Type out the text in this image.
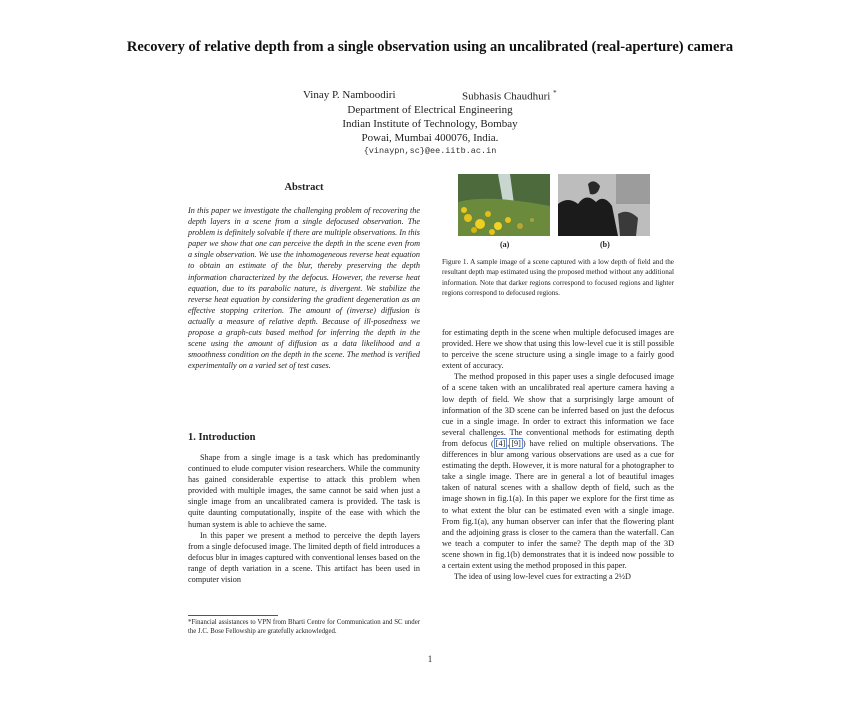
Recovery of relative depth from a single observation using an uncalibrated (real-aperture) camera
Vinay P. Namboodiri	Subhasis Chaudhuri *
Department of Electrical Engineering
Indian Institute of Technology, Bombay
Powai, Mumbai 400076, India.
{vinaypn,sc}@ee.iitb.ac.in
Abstract
In this paper we investigate the challenging problem of recovering the depth layers in a scene from a single defocused observation. The problem is definitely solvable if there are multiple observations. In this paper we show that one can perceive the depth in the scene even from a single observation. We use the inhomogeneous reverse heat equation to obtain an estimate of the blur, thereby preserving the depth information characterized by the defocus. However, the reverse heat equation, due to its parabolic nature, is divergent. We stabilize the reverse heat equation by considering the gradient degeneration as an effective stopping criterion. The amount of (inverse) diffusion is actually a measure of relative depth. Because of ill-posedness we propose a graph-cuts based method for inferring the depth in the scene using the amount of diffusion as a data likelihood and a smoothness condition on the depth in the scene. The method is verified experimentally on a varied set of test cases.
1. Introduction

Shape from a single image is a task which has predominantly continued to elude computer vision researchers. While the community has gained considerable expertise to attack this problem when provided with multiple images, the same cannot be said when just a single image from an uncalibrated camera is provided. The task is quite daunting computationally, inspite of the ease with which the human system is able to achieve the same.

In this paper we present a method to perceive the depth layers from a single defocused image. The limited depth of field introduces a defocus blur in images captured with conventional lenses based on the range of depth variation in a scene. This artifact has been used in computer vision

*Financial assistances to VPN from Bharti Centre for Communication and SC under the J.C. Bose Fellowship are gratefully acknowledged.
(a)	(b)
Figure 1. A sample image of a scene captured with a low depth of field and the resultant depth map estimated using the proposed method without any additional information. Note that darker regions correspond to focused regions and lighter regions correspond to defocused regions.

for estimating depth in the scene when multiple defocused images are provided. Here we show that using this low-level cue it is still possible to perceive the scene structure using a single image to a fairly good extent of accuracy.

The method proposed in this paper uses a single defocused image of a scene taken with an uncalibrated real aperture camera having a low depth of field. We show that a surprisingly large amount of information of the 3D scene can be inferred based on just the defocus cue in a single image. In order to extract this information we face several challenges. The conventional methods for estimating depth from defocus ( [4] , [9] ) have relied on multiple observations. The differences in blur among various observations are used as a cue for estimating the depth. However, it is more natural for a photographer to take a single image. There are in general a lot of beautiful images taken of natural scenes with a shallow depth of field, such as the image shown in fig.1(a). In this paper we explore for the first time as to what extent the blur can be estimated even with a single image. From fig.1(a), any human observer can infer that the flowering plant and the adjoining grass is closer to the camera than the waterfall. Can we teach a computer to infer the same? The depth map of the 3D scene shown in fig.1(b) demonstrates that it is indeed now possible to a certain extent using the method proposed in this paper.

The idea of using low-level cues for extracting a 2½D

1
